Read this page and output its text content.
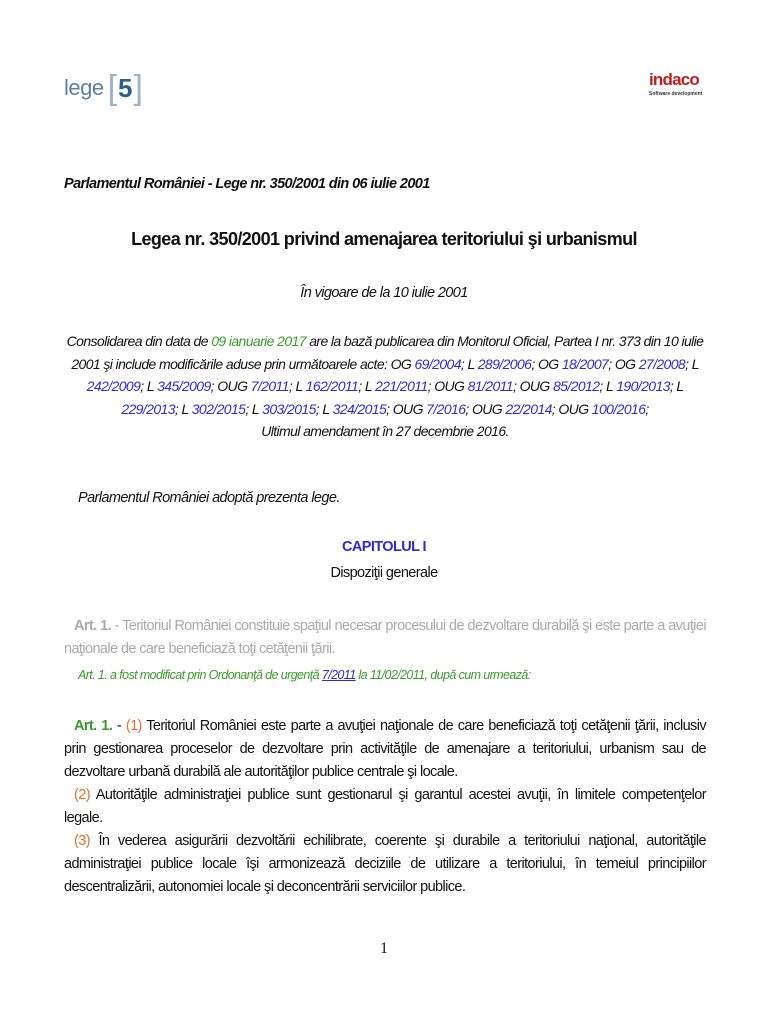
lege [ 5 ]	indaco
Software development
Parlamentul României - Lege nr. 350/2001 din 06 iulie 2001
Legea nr. 350/2001 privind amenajarea teritoriului şi urbanismul
În vigoare de la 10 iulie 2001
Consolidarea din data de 09 ianuarie 2017 are la bază publicarea din Monitorul Oficial, Partea I nr. 373 din 10 iulie 2001 şi include modificările aduse prin următoarele acte: OG 69/2004; L 289/2006; OG 18/2007; OG 27/2008; L 242/2009; L 345/2009; OUG 7/2011; L 162/2011; L 221/2011; OUG 81/2011; OUG 85/2012; L 190/2013; L 229/2013; L 302/2015; L 303/2015; L 324/2015; OUG 7/2016; OUG 22/2014; OUG 100/2016;
Ultimul amendament în 27 decembrie 2016.
Parlamentul României adoptă prezenta lege.
CAPITOLUL I
Dispoziţii generale
Art. 1. - Teritoriul României constituie spaţiul necesar procesului de dezvoltare durabilă şi este parte a avuţiei naţionale de care beneficiază toţi cetăţenii ţării.
Art. 1. a fost modificat prin Ordonanţă de urgenţă 7/2011 la 11/02/2011, după cum urmează:

Art. 1. - (1) Teritoriul României este parte a avuţiei naţionale de care beneficiază toţi cetăţenii ţării, inclusiv prin gestionarea proceselor de dezvoltare prin activităţile de amenajare a teritoriului, urbanism sau de dezvoltare urbană durabilă ale autorităţilor publice centrale şi locale.

(2) Autorităţile administraţiei publice sunt gestionarul şi garantul acestei avuţii, în limitele competenţelor legale.

(3) În vederea asigurării dezvoltării echilibrate, coerente şi durabile a teritoriului naţional, autorităţile administraţiei publice locale îşi armonizează deciziile de utilizare a teritoriului, în temeiul principiilor descentralizării, autonomiei locale şi deconcentrării serviciilor publice.

1
